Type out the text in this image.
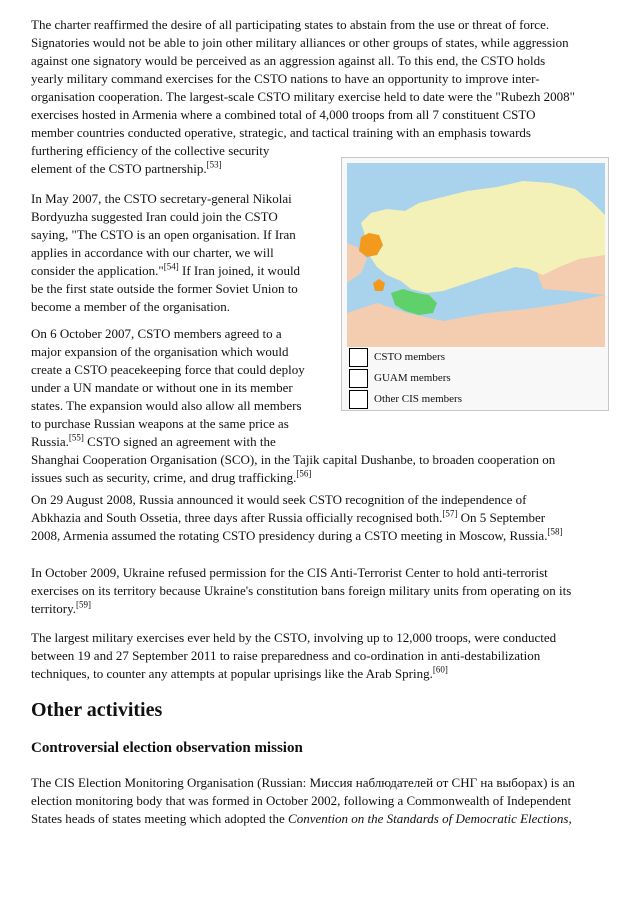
The charter reaffirmed the desire of all participating states to abstain from the use or threat of force.
Signatories would not be able to join other military alliances or other groups of states, while aggression
against one signatory would be perceived as an aggression against all. To this end, the CSTO holds
yearly military command exercises for the CSTO nations to have an opportunity to improve inter-
organisation cooperation. The largest-scale CSTO military exercise held to date were the "Rubezh 2008"
exercises hosted in Armenia where a combined total of 4,000 troops from all 7 constituent CSTO
member countries conducted operative, strategic, and tactical training with an emphasis towards
furthering efficiency of the collective security
element of the CSTO partnership.[53]
In May 2007, the CSTO secretary-general Nikolai
Bordyuzha suggested Iran could join the CSTO
saying, "The CSTO is an open organisation. If Iran
applies in accordance with our charter, we will
consider the application."[54] If Iran joined, it would
be the first state outside the former Soviet Union to
become a member of the organisation.
On 6 October 2007, CSTO members agreed to a
major expansion of the organisation which would
create a CSTO peacekeeping force that could deploy
under a UN mandate or without one in its member
states. The expansion would also allow all members
to purchase Russian weapons at the same price as
Russia.[55] CSTO signed an agreement with the
Shanghai Cooperation Organisation (SCO), in the Tajik capital Dushanbe, to broaden cooperation on
issues such as security, crime, and drug trafficking.[56]
CSTO members
GUAM members
Other CIS members
On 29 August 2008, Russia announced it would seek CSTO recognition of the independence of
Abkhazia and South Ossetia, three days after Russia officially recognised both.[57] On 5 September
2008, Armenia assumed the rotating CSTO presidency during a CSTO meeting in Moscow, Russia.[58]
In October 2009, Ukraine refused permission for the CIS Anti-Terrorist Center to hold anti-terrorist
exercises on its territory because Ukraine's constitution bans foreign military units from operating on its
territory.[59]
The largest military exercises ever held by the CSTO, involving up to 12,000 troops, were conducted
between 19 and 27 September 2011 to raise preparedness and co-ordination in anti-destabilization
techniques, to counter any attempts at popular uprisings like the Arab Spring.[60]
Other activities
Controversial election observation mission
The CIS Election Monitoring Organisation (Russian: Миссия наблюдателей от СНГ на выборах) is an
election monitoring body that was formed in October 2002, following a Commonwealth of Independent
States heads of states meeting which adopted the Convention on the Standards of Democratic Elections,
